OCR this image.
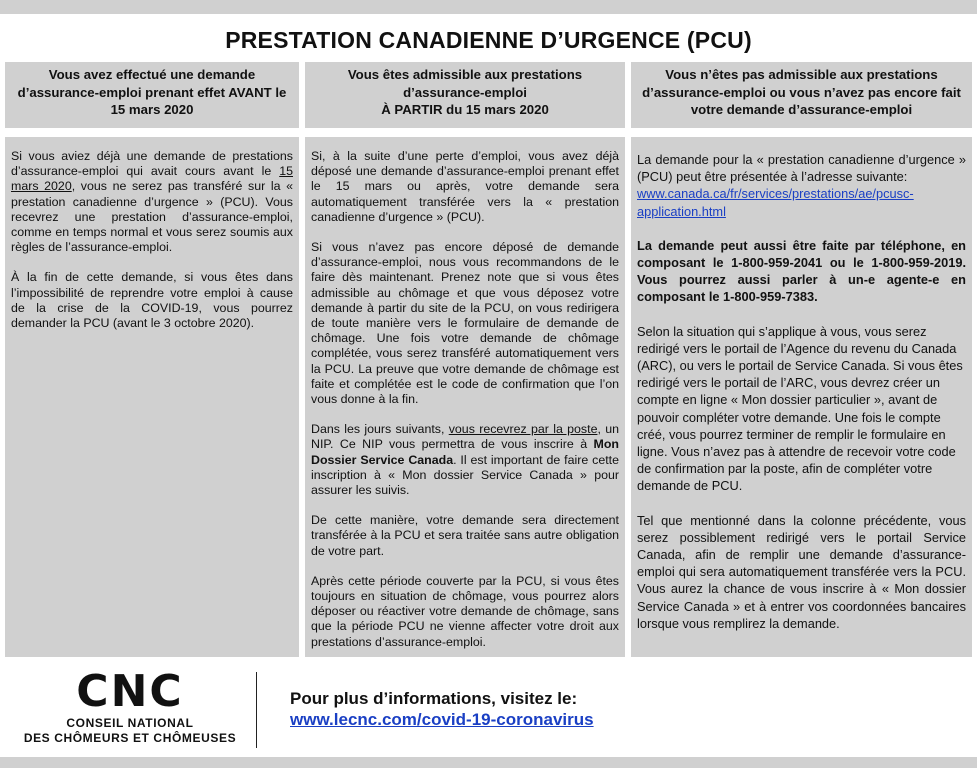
PRESTATION CANADIENNE D’URGENCE (PCU)
Vous avez effectué une demande
d’assurance-emploi prenant effet AVANT le
15 mars 2020
Vous êtes admissible aux prestations
d’assurance-emploi
À PARTIR du 15 mars 2020
Vous n’êtes pas admissible aux prestations
d’assurance-emploi ou vous n’avez pas encore fait
votre demande d’assurance-emploi

Si vous aviez déjà une demande de prestations d’assurance-emploi qui avait cours avant le 15 mars 2020, vous ne serez pas transféré sur la « prestation canadienne d’urgence » (PCU). Vous recevrez une prestation d’assurance-emploi, comme en temps normal et vous serez soumis aux règles de l’assurance-emploi.

À la fin de cette demande, si vous êtes dans l’impossibilité de reprendre votre emploi à cause de la crise de la COVID-19, vous pourrez demander la PCU (avant le 3 octobre 2020).

Si, à la suite d’une perte d’emploi, vous avez déjà déposé une demande d’assurance-emploi prenant effet le 15 mars ou après, votre demande sera automatiquement transférée vers la « prestation canadienne d’urgence » (PCU).

Si vous n’avez pas encore déposé de demande d’assurance-emploi, nous vous recommandons de le faire dès maintenant. Prenez note que si vous êtes admissible au chômage et que vous déposez votre demande à partir du site de la PCU, on vous redirigera de toute manière vers le formulaire de demande de chômage. Une fois votre demande de chômage complétée, vous serez transféré automatiquement vers la PCU. La preuve que votre demande de chômage est faite et complétée est le code de confirmation que l’on vous donne à la fin.

Dans les jours suivants, vous recevrez par la poste, un NIP. Ce NIP vous permettra de vous inscrire à Mon Dossier Service Canada. Il est important de faire cette inscription à « Mon dossier Service Canada » pour assurer les suivis.

De cette manière, votre demande sera directement transférée à la PCU et sera traitée sans autre obligation de votre part.

Après cette période couverte par la PCU, si vous êtes toujours en situation de chômage, vous pourrez alors déposer ou réactiver votre demande de chômage, sans que la période PCU ne vienne affecter votre droit aux prestations d’assurance-emploi.

La demande pour la « prestation canadienne d’urgence » (PCU) peut être présentée à l’adresse suivante:
www.canada.ca/fr/services/prestations/ae/pcusc-application.html

La demande peut aussi être faite par téléphone, en composant le 1-800-959-2041 ou le 1-800-959-2019. Vous pourrez aussi parler à un-e agente-e en composant le 1-800-959-7383.

Selon la situation qui s’applique à vous, vous serez redirigé vers le portail de l’Agence du revenu du Canada (ARC), ou vers le portail de Service Canada. Si vous êtes redirigé vers le portail de l’ARC, vous devrez créer un compte en ligne « Mon dossier particulier », avant de pouvoir compléter votre demande. Une fois le compte créé, vous pourrez terminer de remplir le formulaire en ligne. Vous n’avez pas à attendre de recevoir votre code de confirmation par la poste, afin de compléter votre demande de PCU.

Tel que mentionné dans la colonne précédente, vous serez possiblement redirigé vers le portail Service Canada, afin de remplir une demande d’assurance-emploi qui sera automatiquement transférée vers la PCU. Vous aurez la chance de vous inscrire à « Mon dossier Service Canada » et à entrer vos coordonnées bancaires lorsque vous remplirez la demande.

CNC
CONSEIL NATIONAL
DES CHÔMEURS ET CHÔMEUSES
Pour plus d’informations, visitez le:
www.lecnc.com/covid-19-coronavirus
